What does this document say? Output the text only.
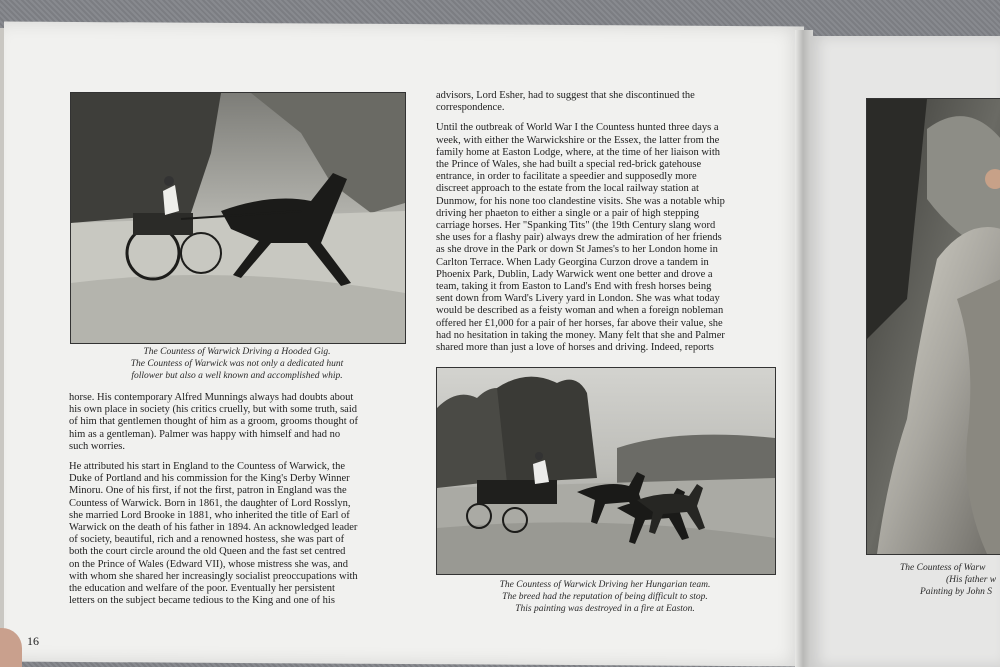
The Countess of Warwick Driving a Hooded Gig.
The Countess of Warwick was not only a dedicated hunt
follower but also a well known and accomplished whip.
horse. His contemporary Alfred Munnings always had doubts about
his own place in society (his critics cruelly, but with some truth, said
of him that gentlemen thought of him as a groom, grooms thought of
him as a gentleman). Palmer was happy with himself and had no
such worries.
He attributed his start in England to the Countess of Warwick, the
Duke of Portland and his commission for the King's Derby Winner
Minoru. One of his first, if not the first, patron in England was the
Countess of Warwick. Born in 1861, the daughter of Lord Rosslyn,
she married Lord Brooke in 1881, who inherited the title of Earl of
Warwick on the death of his father in 1894. An acknowledged leader
of society, beautiful, rich and a renowned hostess, she was part of
both the court circle around the old Queen and the fast set centred
on the Prince of Wales (Edward VII), whose mistress she was, and
with whom she shared her increasingly socialist preoccupations with
the education and welfare of the poor. Eventually her persistent
letters on the subject became tedious to the King and one of his
advisors, Lord Esher, had to suggest that she discontinued the
correspondence.
Until the outbreak of World War I the Countess hunted three days a
week, with either the Warwickshire or the Essex, the latter from the
family home at Easton Lodge, where, at the time of her liaison with
the Prince of Wales, she had built a special red-brick gatehouse
entrance, in order to facilitate a speedier and supposedly more
discreet approach to the estate from the local railway station at
Dunmow, for his none too clandestine visits. She was a notable whip
driving her phaeton to either a single or a pair of high stepping
carriage horses. Her "Spanking Tits" (the 19th Century slang word
she uses for a flashy pair) always drew the admiration of her friends
as she drove in the Park or down St James's to her London home in
Carlton Terrace. When Lady Georgina Curzon drove a tandem in
Phoenix Park, Dublin, Lady Warwick went one better and drove a
team, taking it from Easton to Land's End with fresh horses being
sent down from Ward's Livery yard in London. She was what today
would be described as a feisty woman and when a foreign nobleman
offered her £1,000 for a pair of her horses, far above their value, she
had no hesitation in taking the money. Many felt that she and Palmer
shared more than just a love of horses and driving. Indeed, reports
The Countess of Warwick Driving her Hungarian team.
The breed had the reputation of being difficult to stop.
This painting was destroyed in a fire at Easton.
The Countess of Warw
(His father w
Painting by John S
16
